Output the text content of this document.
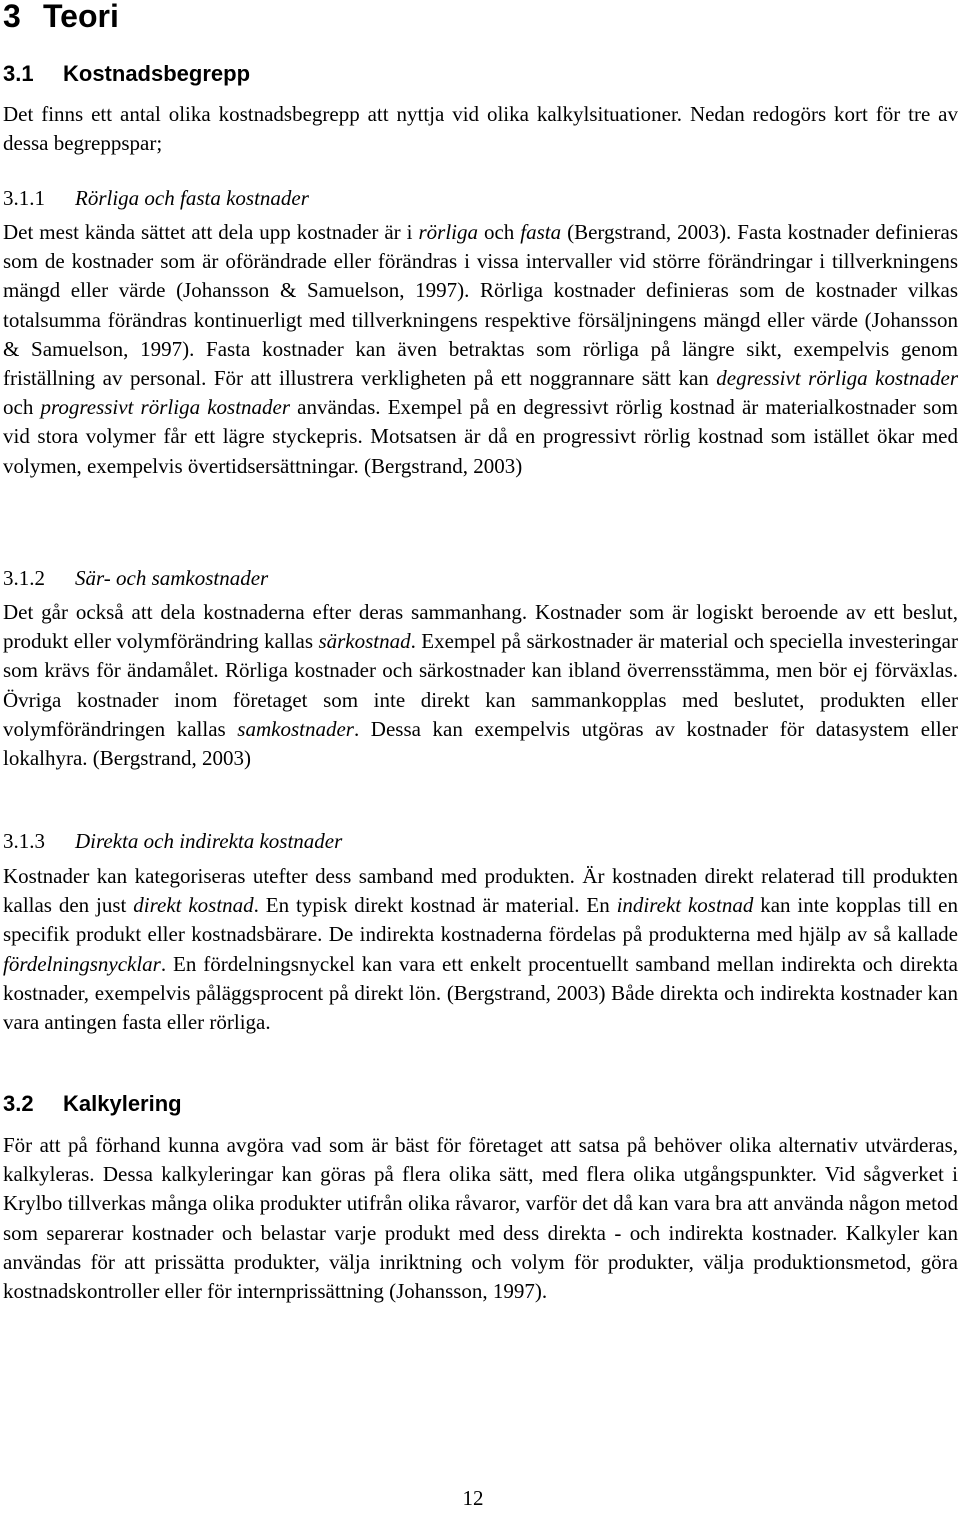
3 Teori
3.1 Kostnadsbegrepp
Det finns ett antal olika kostnadsbegrepp att nyttja vid olika kalkylsituationer. Nedan redogörs kort för tre av dessa begreppspar;
3.1.1 Rörliga och fasta kostnader
Det mest kända sättet att dela upp kostnader är i rörliga och fasta (Bergstrand, 2003). Fasta kostnader definieras som de kostnader som är oförändrade eller förändras i vissa intervaller vid större förändringar i tillverkningens mängd eller värde (Johansson & Samuelson, 1997). Rörliga kostnader definieras som de kostnader vilkas totalsumma förändras kontinuerligt med tillverkningens respektive försäljningens mängd eller värde (Johansson & Samuelson, 1997). Fasta kostnader kan även betraktas som rörliga på längre sikt, exempelvis genom friställning av personal. För att illustrera verkligheten på ett noggrannare sätt kan degressivt rörliga kostnader och progressivt rörliga kostnader användas. Exempel på en degressivt rörlig kostnad är materialkostnader som vid stora volymer får ett lägre styckepris. Motsatsen är då en progressivt rörlig kostnad som istället ökar med volymen, exempelvis övertidsersättningar. (Bergstrand, 2003)
3.1.2 Sär- och samkostnader
Det går också att dela kostnaderna efter deras sammanhang. Kostnader som är logiskt beroende av ett beslut, produkt eller volymförändring kallas särkostnad. Exempel på särkostnader är material och speciella investeringar som krävs för ändamålet. Rörliga kostnader och särkostnader kan ibland överrensstämma, men bör ej förväxlas. Övriga kostnader inom företaget som inte direkt kan sammankopplas med beslutet, produkten eller volymförändringen kallas samkostnader. Dessa kan exempelvis utgöras av kostnader för datasystem eller lokalhyra. (Bergstrand, 2003)
3.1.3 Direkta och indirekta kostnader
Kostnader kan kategoriseras utefter dess samband med produkten. Är kostnaden direkt relaterad till produkten kallas den just direkt kostnad. En typisk direkt kostnad är material. En indirekt kostnad kan inte kopplas till en specifik produkt eller kostnadsbärare. De indirekta kostnaderna fördelas på produkterna med hjälp av så kallade fördelningsnycklar. En fördelningsnyckel kan vara ett enkelt procentuellt samband mellan indirekta och direkta kostnader, exempelvis påläggsprocent på direkt lön. (Bergstrand, 2003) Både direkta och indirekta kostnader kan vara antingen fasta eller rörliga.
3.2 Kalkylering
För att på förhand kunna avgöra vad som är bäst för företaget att satsa på behöver olika alternativ utvärderas, kalkyleras. Dessa kalkyleringar kan göras på flera olika sätt, med flera olika utgångspunkter. Vid sågverket i Krylbo tillverkas många olika produkter utifrån olika råvaror, varför det då kan vara bra att använda någon metod som separerar kostnader och belastar varje produkt med dess direkta - och indirekta kostnader. Kalkyler kan användas för att prissätta produkter, välja inriktning och volym för produkter, välja produktionsmetod, göra kostnadskontroller eller för internprissättning (Johansson, 1997).
12
